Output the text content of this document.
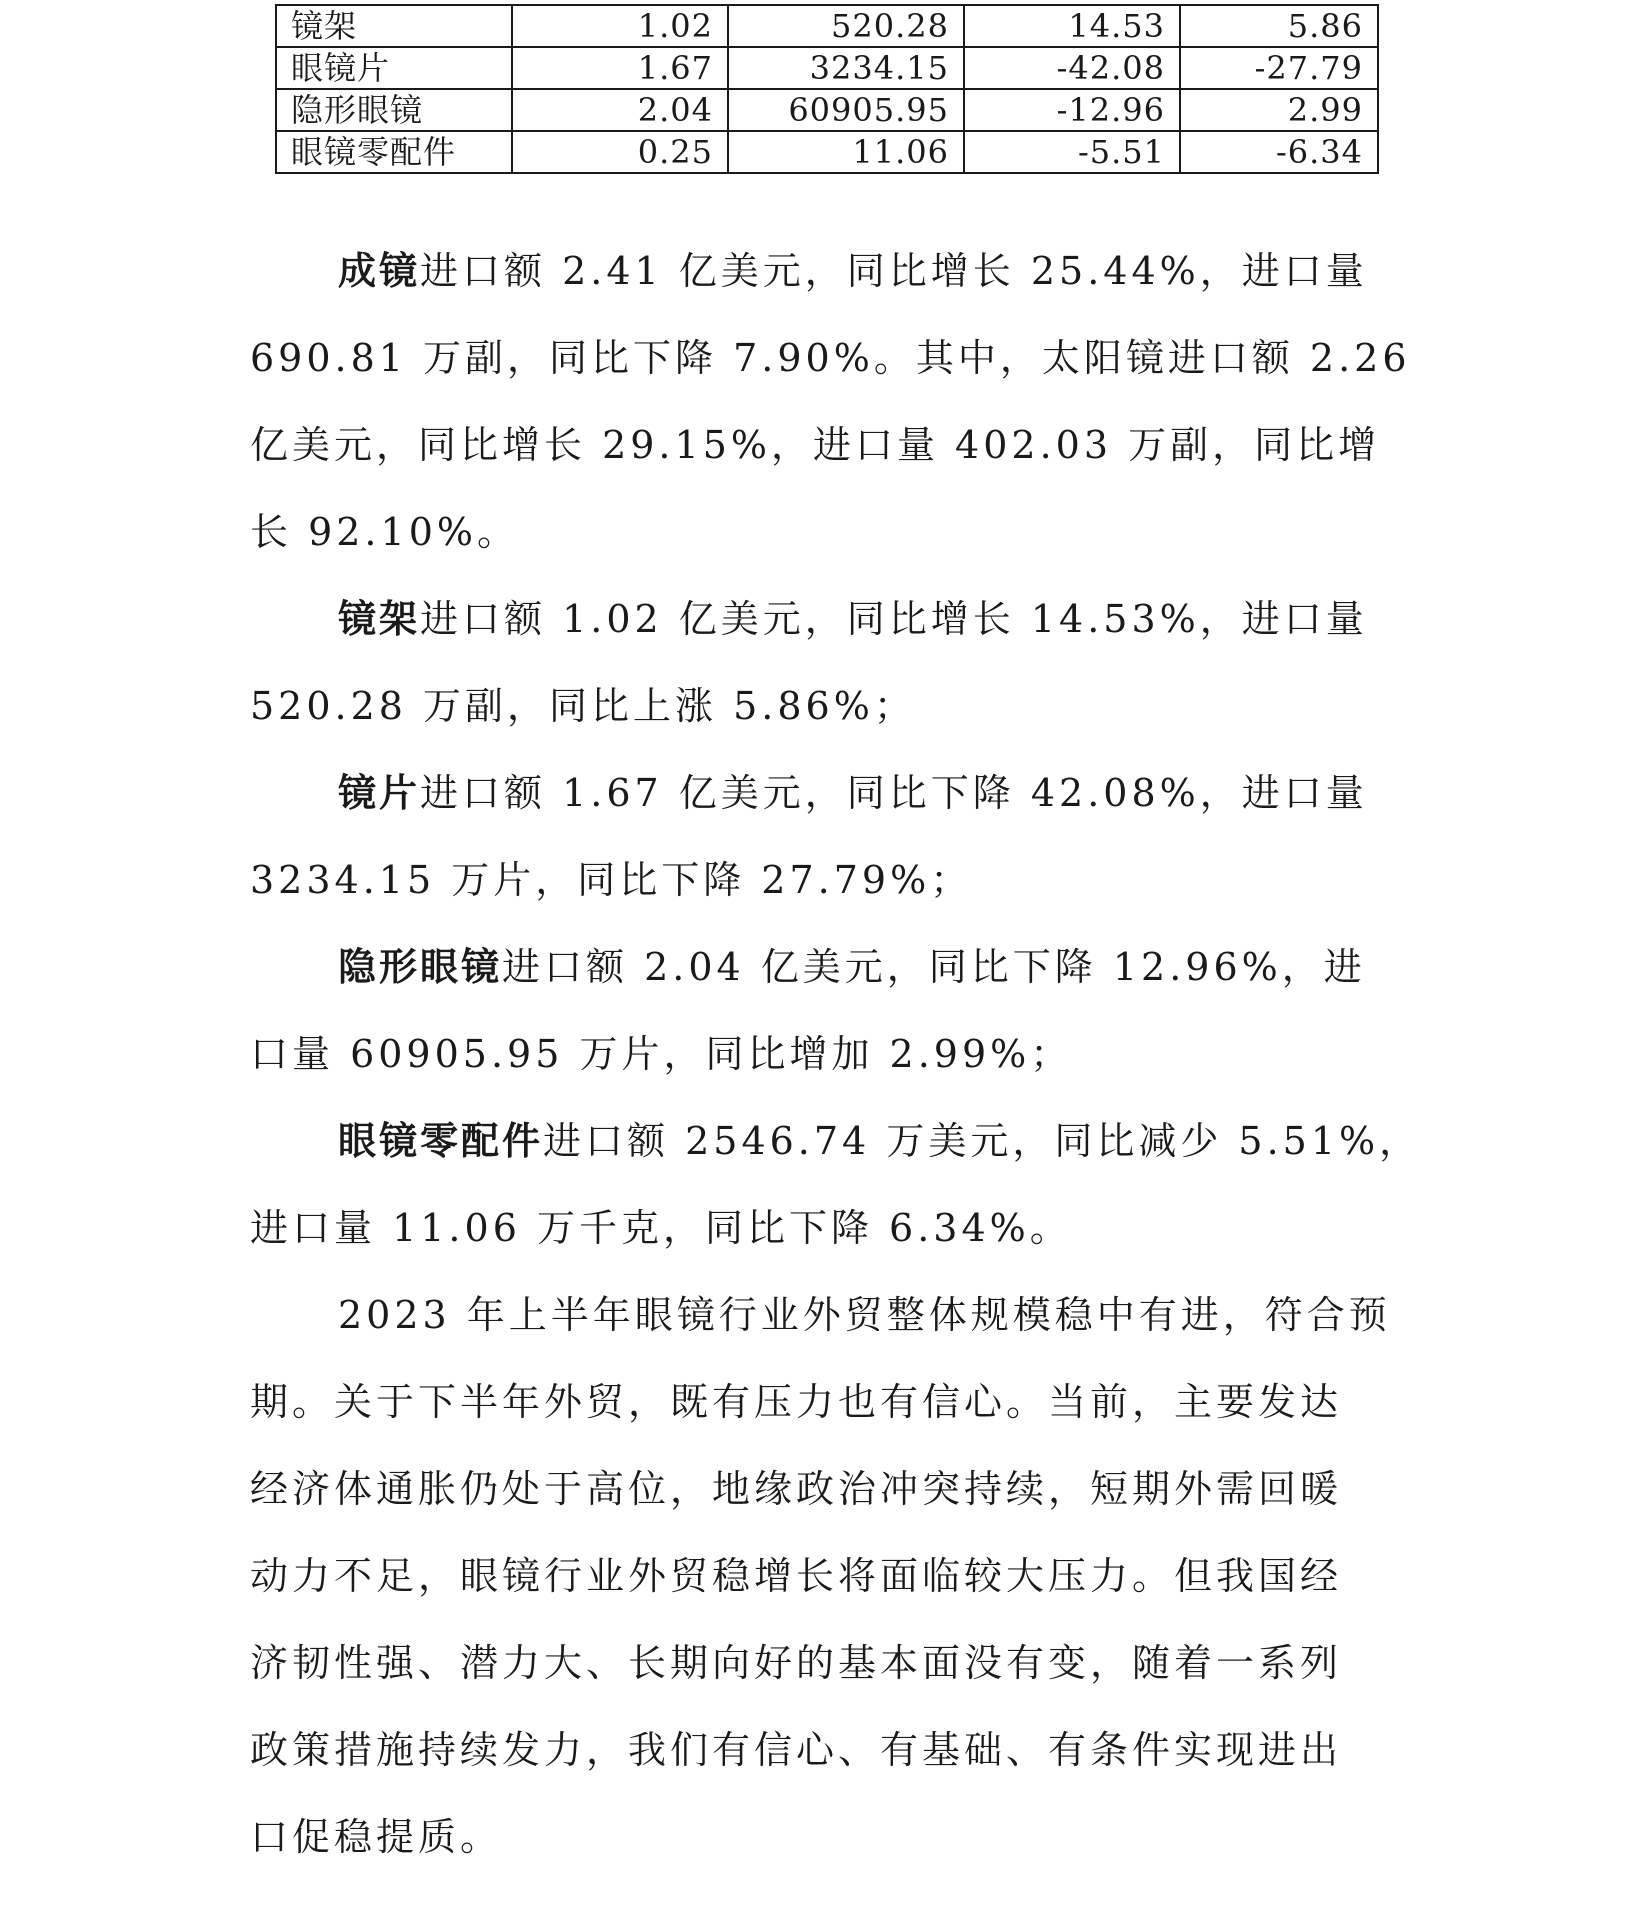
镜架	1.02	520.28	14.53	5.86
眼镜片	1.67	3234.15	-42.08	-27.79
隐形眼镜	2.04	60905.95	-12.96	2.99
眼镜零配件	0.25	11.06	-5.51	-6.34

成镜进口额 2.41 亿美元，同比增长 25.44%，进口量
690.81 万副，同比下降 7.90%。其中，太阳镜进口额 2.26
亿美元，同比增长 29.15%，进口量 402.03 万副，同比增
长 92.10%。

镜架进口额 1.02 亿美元，同比增长 14.53%，进口量
520.28 万副，同比上涨 5.86%；

镜片进口额 1.67 亿美元，同比下降 42.08%，进口量
3234.15 万片，同比下降 27.79%；

隐形眼镜进口额 2.04 亿美元，同比下降 12.96%，进
口量 60905.95 万片，同比增加 2.99%；

眼镜零配件进口额 2546.74 万美元，同比减少 5.51%，
进口量 11.06 万千克，同比下降 6.34%。

2023 年上半年眼镜行业外贸整体规模稳中有进，符合预
期。关于下半年外贸，既有压力也有信心。当前，主要发达
经济体通胀仍处于高位，地缘政治冲突持续，短期外需回暖
动力不足，眼镜行业外贸稳增长将面临较大压力。但我国经
济韧性强、潜力大、长期向好的基本面没有变，随着一系列
政策措施持续发力，我们有信心、有基础、有条件实现进出
口促稳提质。
